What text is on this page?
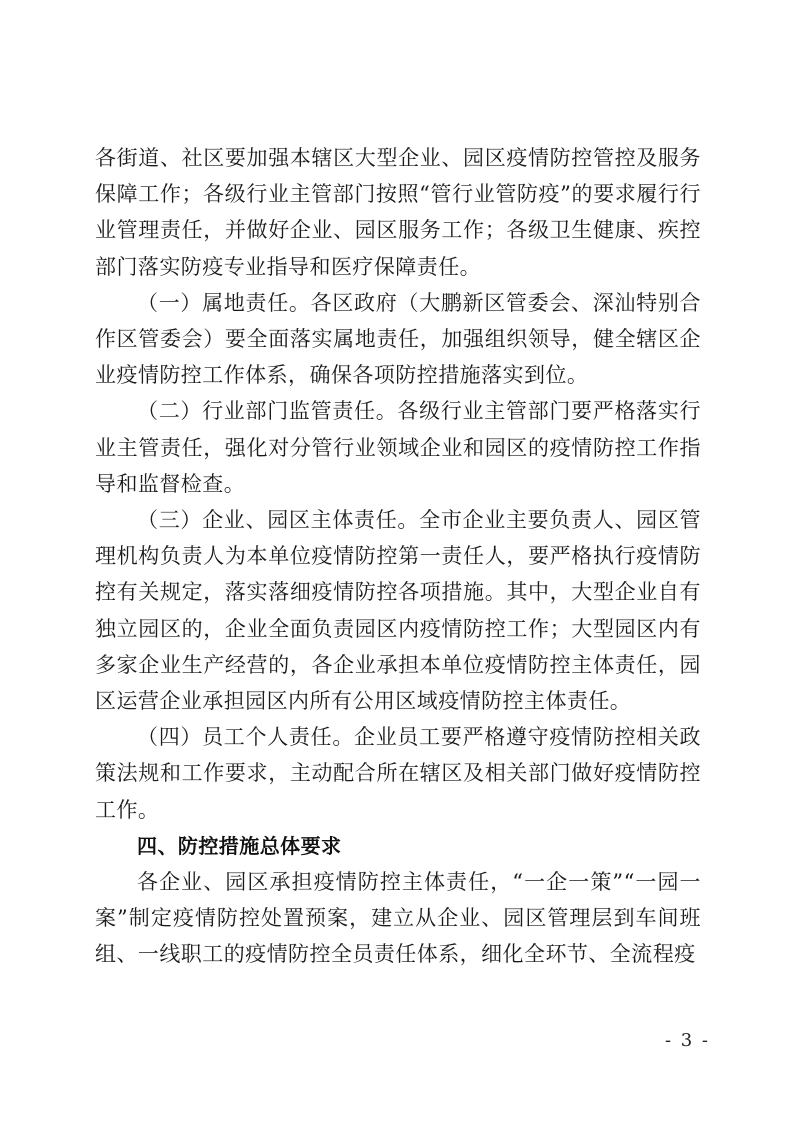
各街道、社区要加强本辖区大型企业、园区疫情防控管控及服务保障工作；各级行业主管部门按照“管行业管防疫”的要求履行行业管理责任，并做好企业、园区服务工作；各级卫生健康、疾控部门落实防疫专业指导和医疗保障责任。

（一）属地责任。各区政府（大鹏新区管委会、深汕特别合作区管委会）要全面落实属地责任，加强组织领导，健全辖区企业疫情防控工作体系，确保各项防控措施落实到位。

（二）行业部门监管责任。各级行业主管部门要严格落实行业主管责任，强化对分管行业领域企业和园区的疫情防控工作指导和监督检查。

（三）企业、园区主体责任。全市企业主要负责人、园区管理机构负责人为本单位疫情防控第一责任人，要严格执行疫情防控有关规定，落实落细疫情防控各项措施。其中，大型企业自有独立园区的，企业全面负责园区内疫情防控工作；大型园区内有多家企业生产经营的，各企业承担本单位疫情防控主体责任，园区运营企业承担园区内所有公用区域疫情防控主体责任。

（四）员工个人责任。企业员工要严格遵守疫情防控相关政策法规和工作要求，主动配合所在辖区及相关部门做好疫情防控工作。

四、防控措施总体要求

各企业、园区承担疫情防控主体责任，“一企一策”“一园一案”制定疫情防控处置预案，建立从企业、园区管理层到车间班组、一线职工的疫情防控全员责任体系，细化全环节、全流程疫

- 3 -
